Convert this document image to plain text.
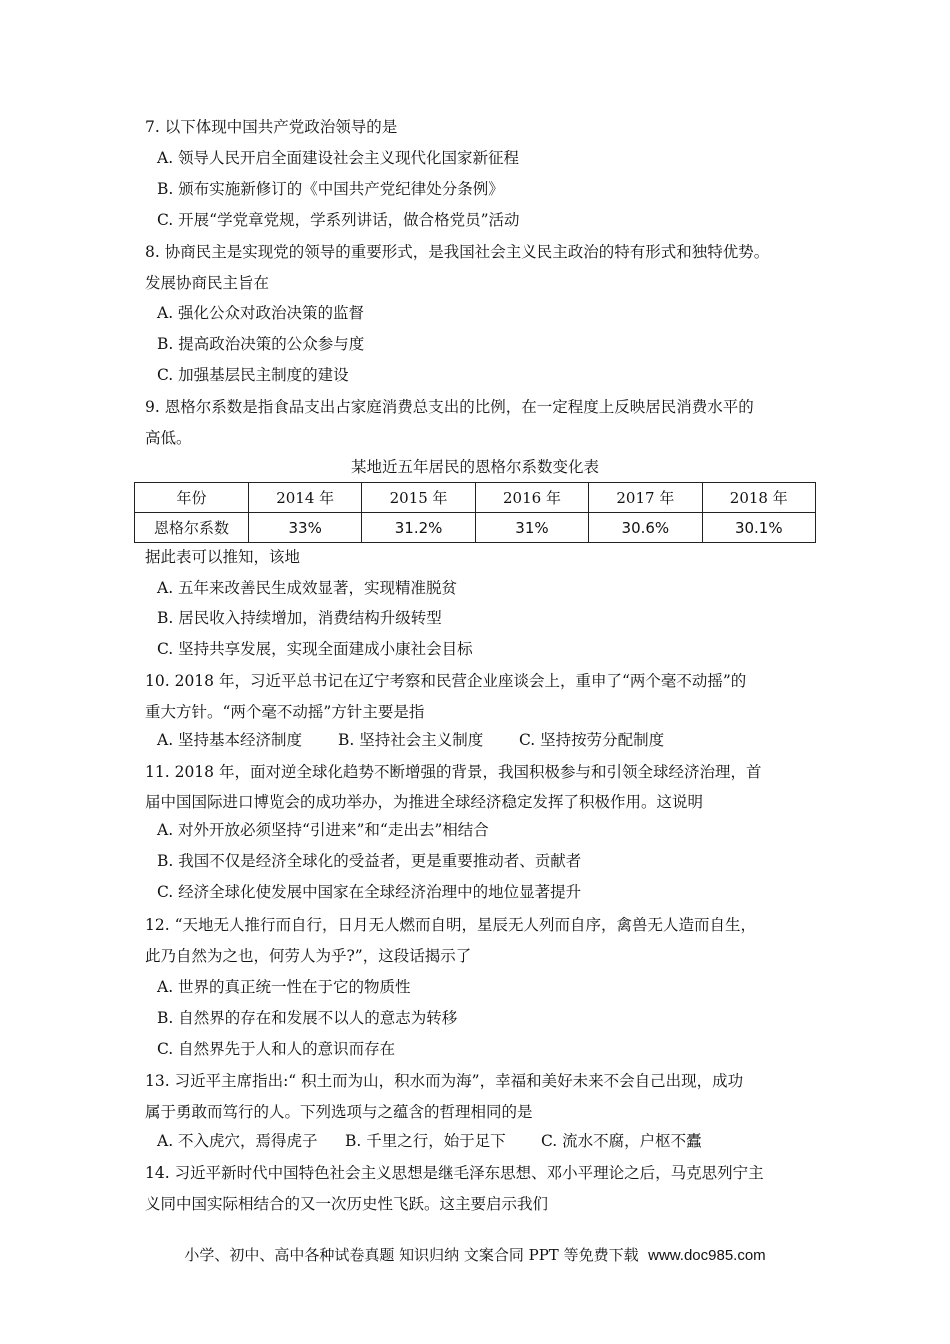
7. 以下体现中国共产党政治领导的是
A. 领导人民开启全面建设社会主义现代化国家新征程
B. 颁布实施新修订的《中国共产党纪律处分条例》
C. 开展“学党章党规，学系列讲话，做合格党员”活动
8. 协商民主是实现党的领导的重要形式，是我国社会主义民主政治的特有形式和独特优势。
发展协商民主旨在
A. 强化公众对政治决策的监督
B. 提高政治决策的公众参与度
C. 加强基层民主制度的建设
9. 恩格尔系数是指食品支出占家庭消费总支出的比例，在一定程度上反映居民消费水平的
高低。
某地近五年居民的恩格尔系数变化表
年份	2014 年	2015 年	2016 年	2017 年	2018 年
恩格尔系数	33%	31.2%	31%	30.6%	30.1%
据此表可以推知，该地
A. 五年来改善民生成效显著，实现精准脱贫
B. 居民收入持续增加，消费结构升级转型
C. 坚持共享发展，实现全面建成小康社会目标
10. 2018 年，习近平总书记在辽宁考察和民营企业座谈会上，重申了“两个毫不动摇”的
重大方针。“两个毫不动摇”方针主要是指
A. 坚持基本经济制度 B. 坚持社会主义制度 C. 坚持按劳分配制度
11. 2018 年，面对逆全球化趋势不断增强的背景，我国积极参与和引领全球经济治理，首
届中国国际进口博览会的成功举办，为推进全球经济稳定发挥了积极作用。这说明
A. 对外开放必须坚持“引进来”和“走出去”相结合
B. 我国不仅是经济全球化的受益者，更是重要推动者、贡献者
C. 经济全球化使发展中国家在全球经济治理中的地位显著提升
12. “天地无人推行而自行，日月无人燃而自明，星辰无人列而自序，禽兽无人造而自生，
此乃自然为之也，何劳人为乎?”，这段话揭示了
A. 世界的真正统一性在于它的物质性
B. 自然界的存在和发展不以人的意志为转移
C. 自然界先于人和人的意识而存在
13. 习近平主席指出:“ 积土而为山，积水而为海”，幸福和美好未来不会自己出现，成功
属于勇敢而笃行的人。下列选项与之蕴含的哲理相同的是
A. 不入虎穴，焉得虎子 B. 千里之行，始于足下 C. 流水不腐，户枢不蠹
14. 习近平新时代中国特色社会主义思想是继毛泽东思想、邓小平理论之后，马克思列宁主
义同中国实际相结合的又一次历史性飞跃。这主要启示我们
小学、初中、高中各种试卷真题 知识归纳 文案合同 PPT 等免费下载 www.doc985.com
